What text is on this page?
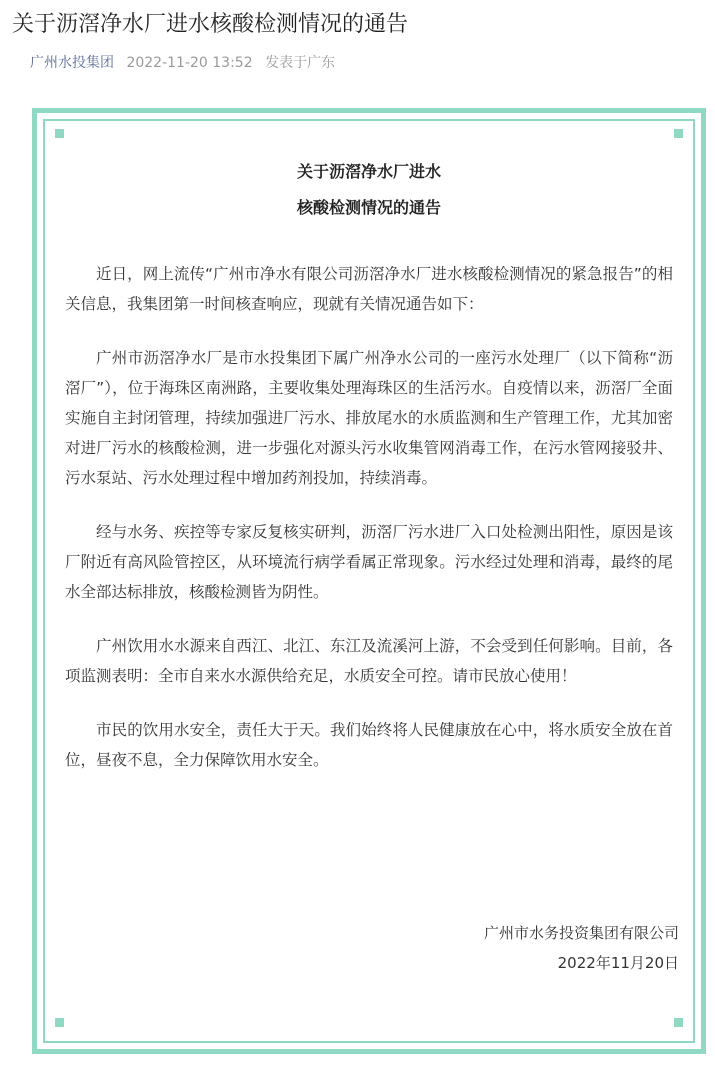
关于沥滘净水厂进水核酸检测情况的通告
广州水投集团 2022-11-20 13:52 发表于广东
关于沥滘净水厂进水
核酸检测情况的通告

近日，网上流传“广州市净水有限公司沥滘净水厂进水核酸检测情况的紧急报告”的相关信息，我集团第一时间核查响应，现就有关情况通告如下：

广州市沥滘净水厂是市水投集团下属广州净水公司的一座污水处理厂（以下简称“沥滘厂”），位于海珠区南洲路，主要收集处理海珠区的生活污水。自疫情以来，沥滘厂全面实施自主封闭管理，持续加强进厂污水、排放尾水的水质监测和生产管理工作，尤其加密对进厂污水的核酸检测，进一步强化对源头污水收集管网消毒工作，在污水管网接驳井、污水泵站、污水处理过程中增加药剂投加，持续消毒。

经与水务、疾控等专家反复核实研判，沥滘厂污水进厂入口处检测出阳性，原因是该厂附近有高风险管控区，从环境流行病学看属正常现象。污水经过处理和消毒，最终的尾水全部达标排放，核酸检测皆为阴性。

广州饮用水水源来自西江、北江、东江及流溪河上游，不会受到任何影响。目前，各项监测表明：全市自来水水源供给充足，水质安全可控。请市民放心使用！

市民的饮用水安全，责任大于天。我们始终将人民健康放在心中，将水质安全放在首位，昼夜不息，全力保障饮用水安全。

广州市水务投资集团有限公司
2022年11月20日
